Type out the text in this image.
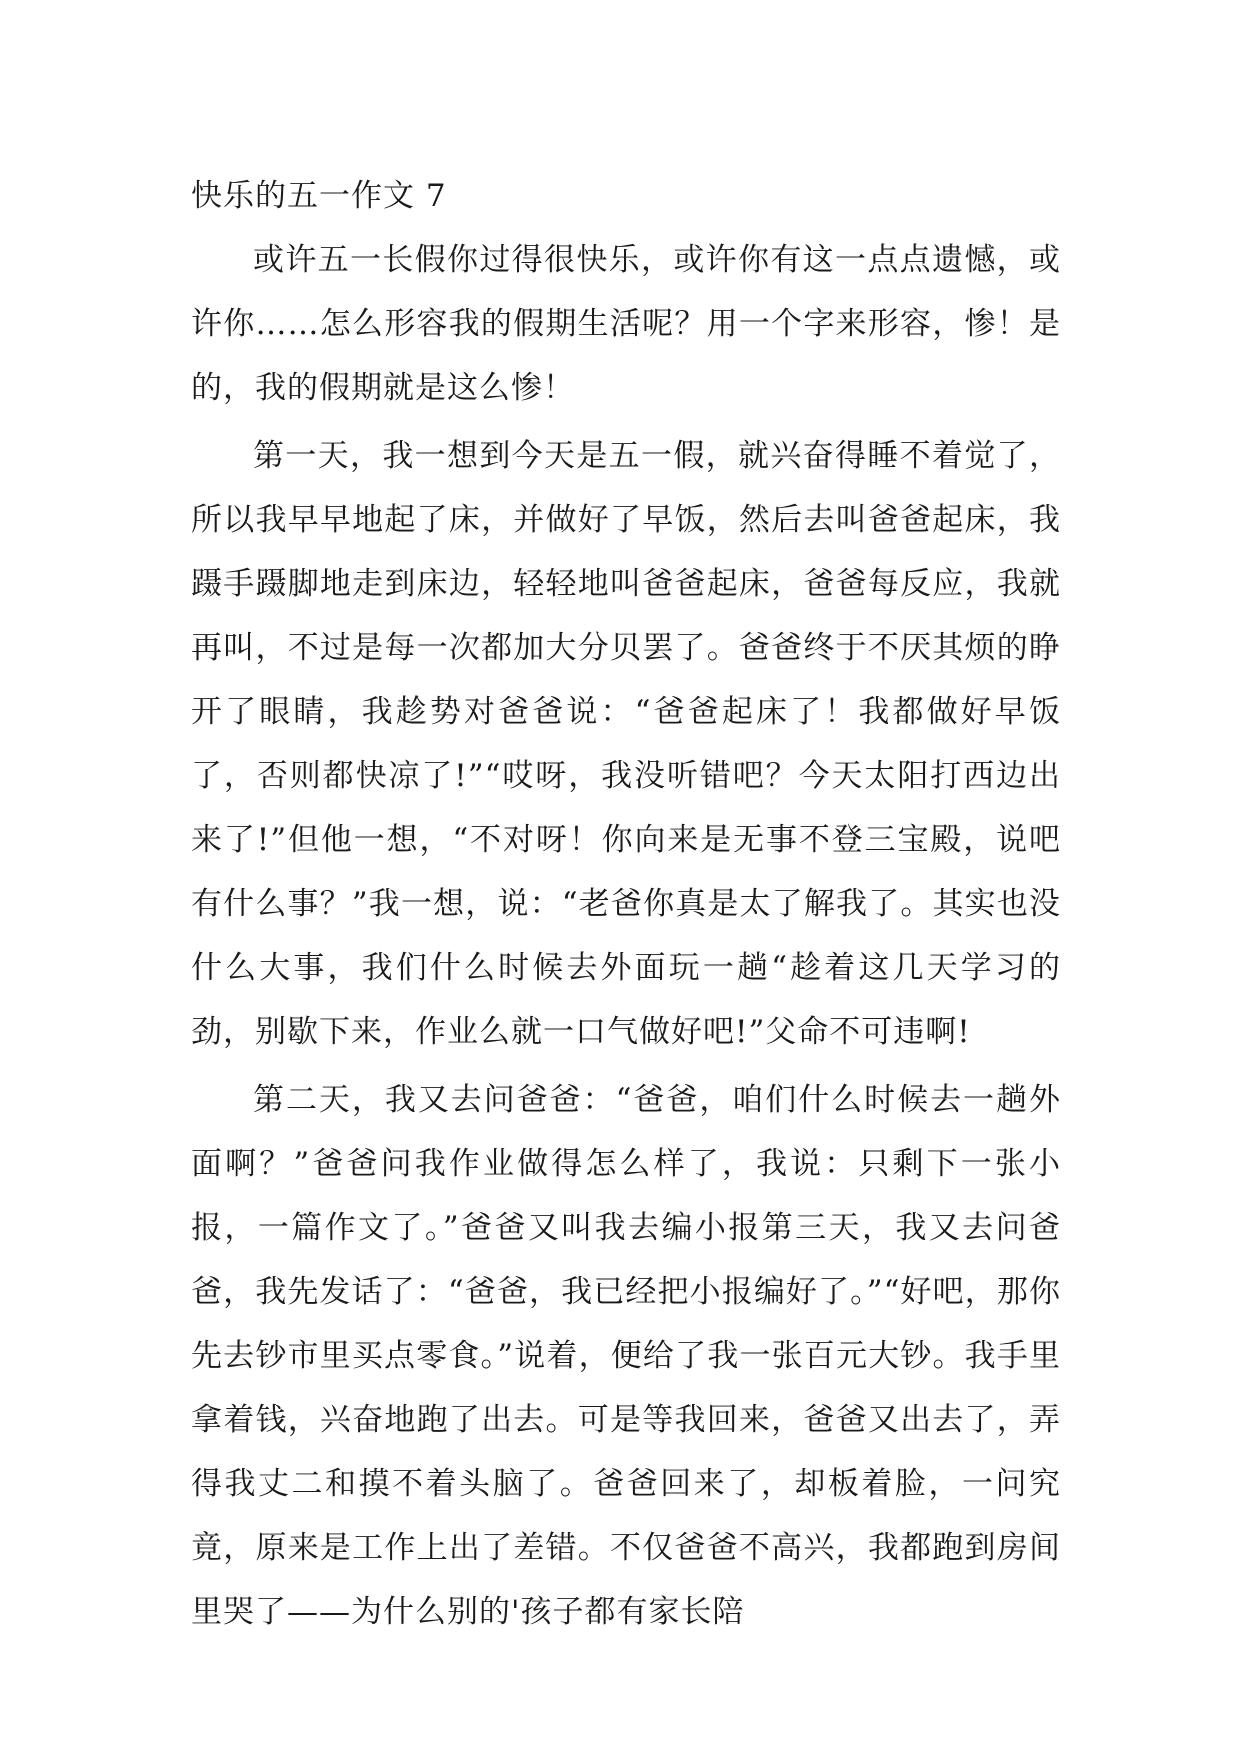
快乐的五一作文 7

或许五一长假你过得很快乐，或许你有这一点点遗憾，或许你……怎么形容我的假期生活呢？用一个字来形容，惨！是的，我的假期就是这么惨！

第一天，我一想到今天是五一假，就兴奋得睡不着觉了，所以我早早地起了床，并做好了早饭，然后去叫爸爸起床，我蹑手蹑脚地走到床边，轻轻地叫爸爸起床，爸爸每反应，我就再叫，不过是每一次都加大分贝罢了。爸爸终于不厌其烦的睁开了眼睛，我趁势对爸爸说：“爸爸起床了！我都做好早饭了，否则都快凉了!”“哎呀，我没听错吧？今天太阳打西边出来了!”但他一想，“不对呀！你向来是无事不登三宝殿，说吧有什么事？”我一想，说：“老爸你真是太了解我了。其实也没什么大事，我们什么时候去外面玩一趟“趁着这几天学习的劲，别歇下来，作业么就一口气做好吧!”父命不可违啊!

第二天，我又去问爸爸：“爸爸，咱们什么时候去一趟外面啊？”爸爸问我作业做得怎么样了，我说：只剩下一张小报，一篇作文了。”爸爸又叫我去编小报第三天，我又去问爸爸，我先发话了：“爸爸，我已经把小报编好了。”“好吧，那你先去钞市里买点零食。”说着，便给了我一张百元大钞。我手里拿着钱，兴奋地跑了出去。可是等我回来，爸爸又出去了，弄得我丈二和摸不着头脑了。爸爸回来了，却板着脸，一问究竟，原来是工作上出了差错。不仅爸爸不高兴，我都跑到房间里哭了——为什么别的'孩子都有家长陪
